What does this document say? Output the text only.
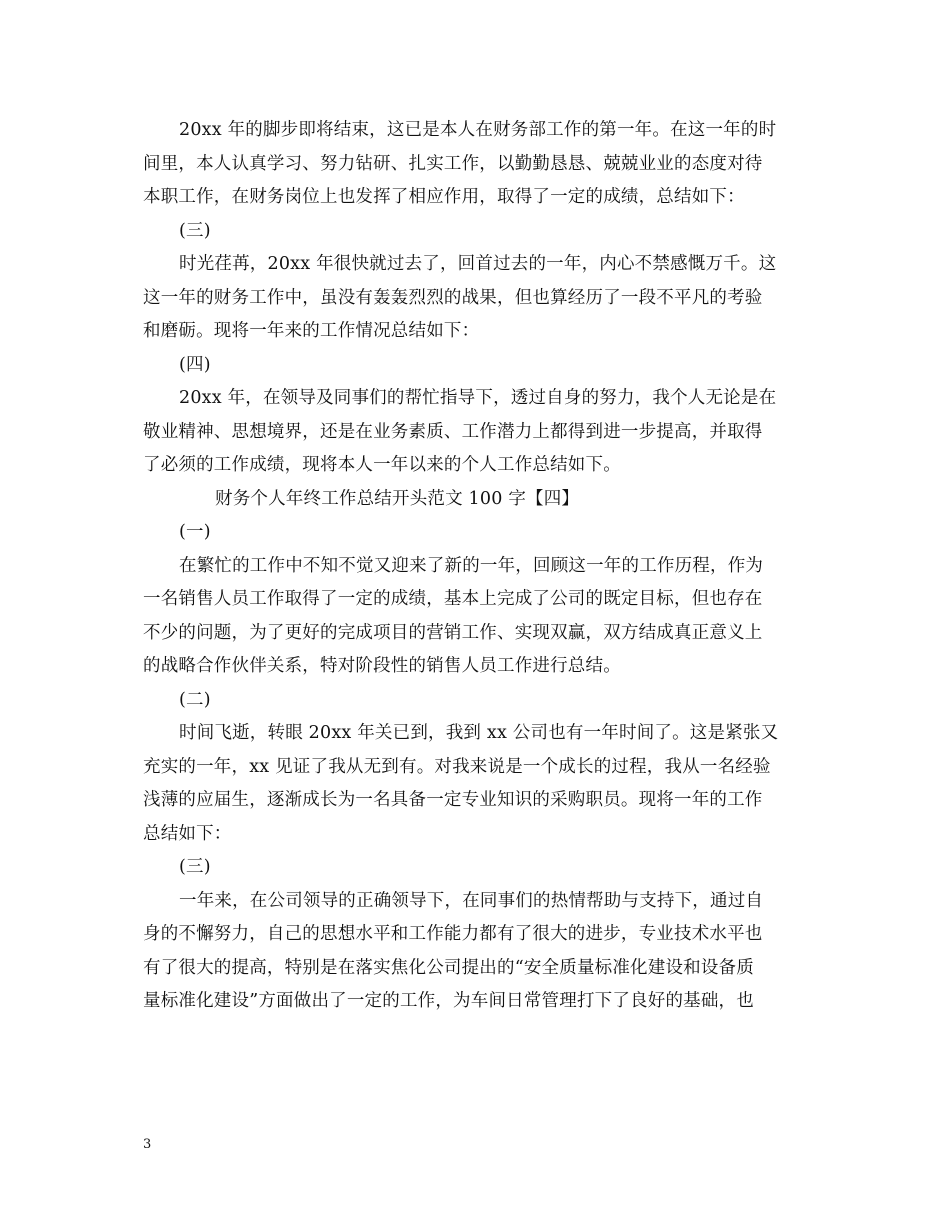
20xx 年的脚步即将结束，这已是本人在财务部工作的第一年。在这一年的时
间里，本人认真学习、努力钻研、扎实工作，以勤勤恳恳、兢兢业业的态度对待
本职工作，在财务岗位上也发挥了相应作用，取得了一定的成绩，总结如下：
(三)
时光荏苒，20xx 年很快就过去了，回首过去的一年，内心不禁感慨万千。这
这一年的财务工作中，虽没有轰轰烈烈的战果，但也算经历了一段不平凡的考验
和磨砺。现将一年来的工作情况总结如下：
(四)
20xx 年，在领导及同事们的帮忙指导下，透过自身的努力，我个人无论是在
敬业精神、思想境界，还是在业务素质、工作潜力上都得到进一步提高，并取得
了必须的工作成绩，现将本人一年以来的个人工作总结如下。
财务个人年终工作总结开头范文 100 字【四】
(一)
在繁忙的工作中不知不觉又迎来了新的一年，回顾这一年的工作历程，作为
一名销售人员工作取得了一定的成绩，基本上完成了公司的既定目标，但也存在
不少的问题，为了更好的完成项目的营销工作、实现双赢，双方结成真正意义上
的战略合作伙伴关系，特对阶段性的销售人员工作进行总结。
(二)
时间飞逝，转眼 20xx 年关已到，我到 xx 公司也有一年时间了。这是紧张又
充实的一年，xx 见证了我从无到有。对我来说是一个成长的过程，我从一名经验
浅薄的应届生，逐渐成长为一名具备一定专业知识的采购职员。现将一年的工作
总结如下：
(三)
一年来，在公司领导的正确领导下，在同事们的热情帮助与支持下，通过自
身的不懈努力，自己的思想水平和工作能力都有了很大的进步，专业技术水平也
有了很大的提高，特别是在落实焦化公司提出的“安全质量标准化建设和设备质
量标准化建设”方面做出了一定的工作，为车间日常管理打下了良好的基础，也
3
